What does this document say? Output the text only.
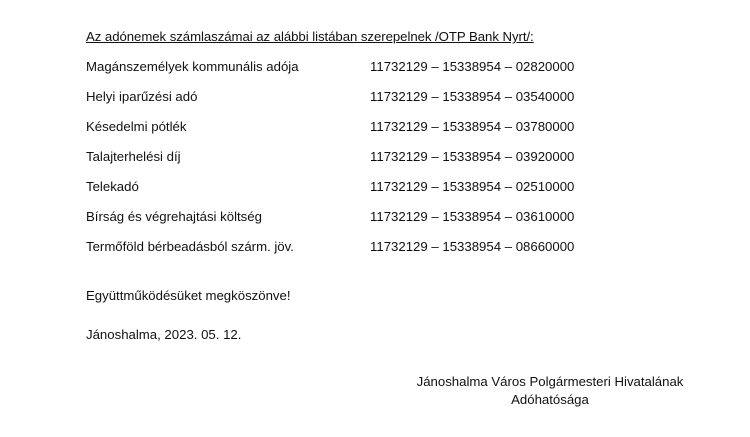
Az adónemek számlaszámai az alábbi listában szerepelnek /OTP Bank Nyrt/:
Magánszemélyek kommunális adója	11732129 – 15338954 – 02820000
Helyi iparűzési adó	11732129 – 15338954 – 03540000
Késedelmi pótlék	11732129 – 15338954 – 03780000
Talajterhelési díj	11732129 – 15338954 – 03920000
Telekadó	11732129 – 15338954 – 02510000
Bírság és végrehajtási költség	11732129 – 15338954 – 03610000
Termőföld bérbeadásból szárm. jöv.	11732129 – 15338954 – 08660000
Együttműködésüket megköszönve!
Jánoshalma, 2023. 05. 12.
Jánoshalma Város Polgármesteri Hivatalának
Adóhatósága
